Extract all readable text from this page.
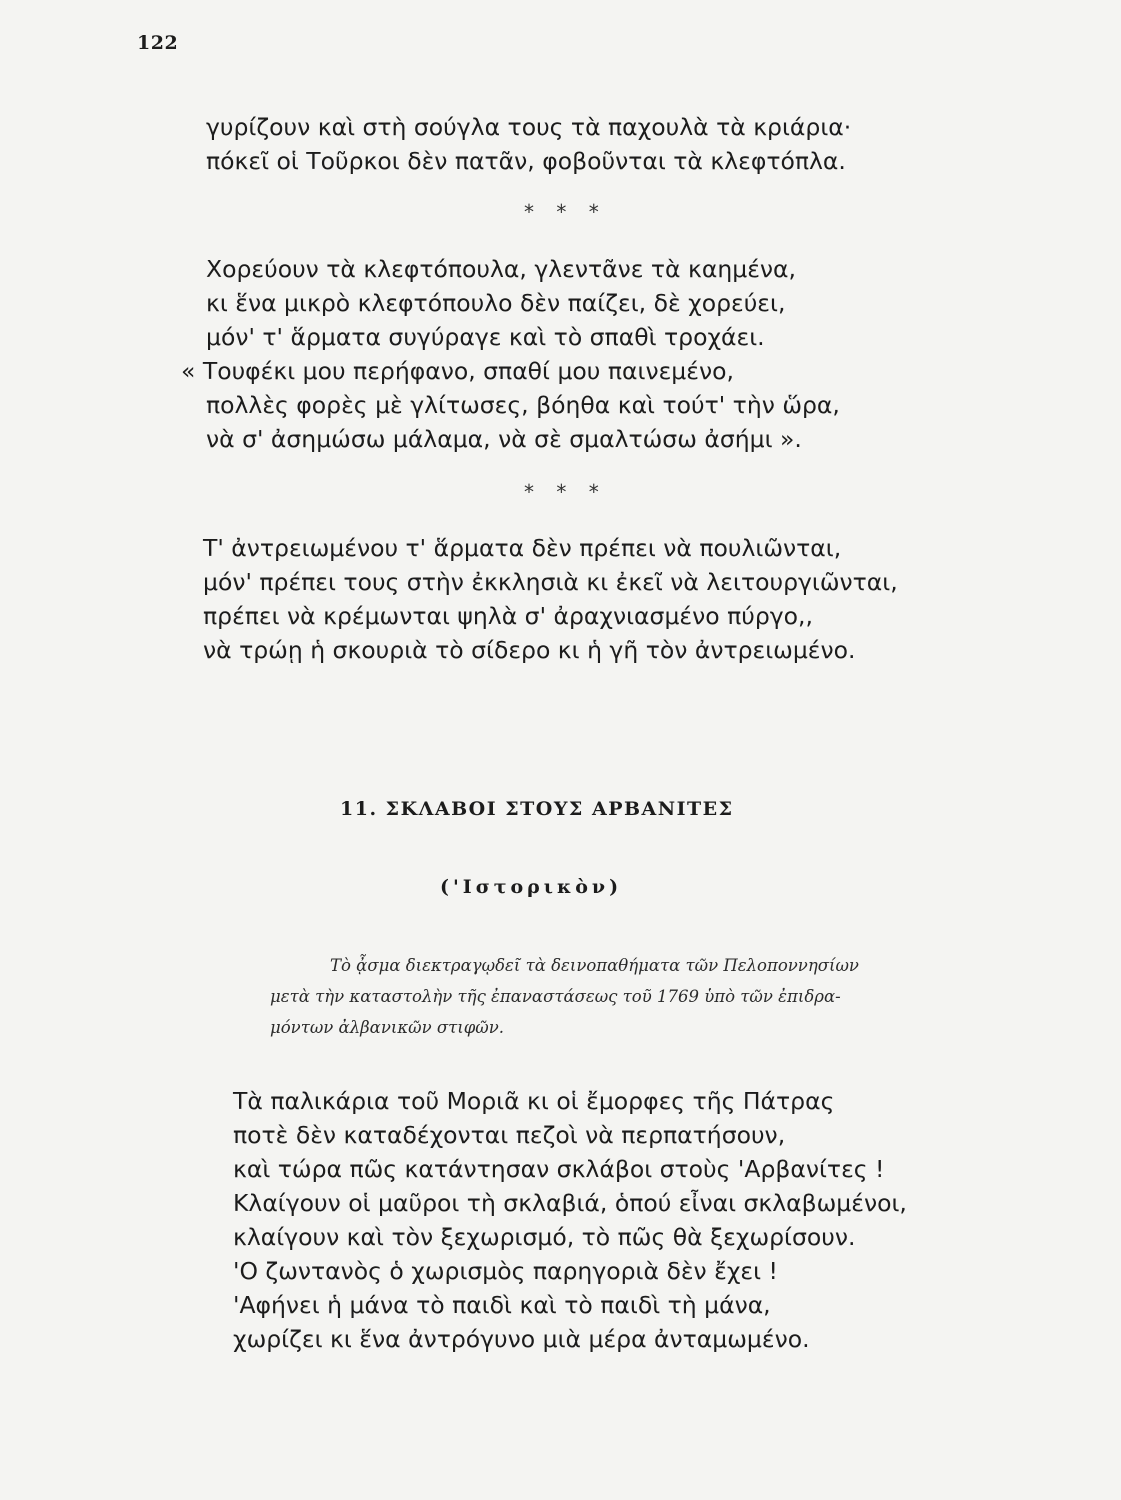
122
γυρίζουν καὶ στὴ σούγλα τους τὰ παχουλὰ τὰ κριάρια·
πόκεῖ οἱ Τοῦρκοι δὲν πατᾶν, φοβοῦνται τὰ κλεφτόπλα.
* * *
Χορεύουν τὰ κλεφτόπουλα, γλεντᾶνε τὰ καημένα,
κι ἕνα μικρὸ κλεφτόπουλο δὲν παίζει, δὲ χορεύει,
μόν' τ' ἅρματα συγύραγε καὶ τὸ σπαθὶ τροχάει.
« Τουφέκι μου περήφανο, σπαθί μου παινεμένο,
πολλὲς φορὲς μὲ γλίτωσες, βόηθα καὶ τούτ' τὴν ὥρα,
νὰ σ' ἀσημώσω μάλαμα, νὰ σὲ σμαλτώσω ἀσήμι ».
* * *
Τ' ἀντρειωμένου τ' ἅρματα δὲν πρέπει νὰ πουλιῶνται,
μόν' πρέπει τους στὴν ἐκκλησιὰ κι ἐκεῖ νὰ λειτουργιῶνται,
πρέπει νὰ κρέμωνται ψηλὰ σ' ἀραχνιασμένο πύργο,,
νὰ τρώῃ ἡ σκουριὰ τὸ σίδερο κι ἡ γῆ τὸν ἀντρειωμένο.
11. ΣΚΛΑΒΟΙ ΣΤΟΥΣ ΑΡΒΑΝΙΤΕΣ
('Ιστορικὸν)
Τὸ ᾆσμα διεκτραγῳδεῖ τὰ δεινοπαθήματα τῶν Πελοποννησίων
μετὰ τὴν καταστολὴν τῆς ἐπαναστάσεως τοῦ 1769 ὑπὸ τῶν ἐπιδρα-
μόντων ἀλβανικῶν στιφῶν.
Τὰ παλικάρια τοῦ Μοριᾶ κι οἱ ἔμορφες τῆς Πάτρας
ποτὲ δὲν καταδέχονται πεζοὶ νὰ περπατήσουν,
καὶ τώρα πῶς κατάντησαν σκλάβοι στοὺς 'Αρβανίτες !
Κλαίγουν οἱ μαῦροι τὴ σκλαβιά, ὁπού εἶναι σκλαβωμένοι,
κλαίγουν καὶ τὸν ξεχωρισμό, τὸ πῶς θὰ ξεχωρίσουν.
'Ο ζωντανὸς ὁ χωρισμὸς παρηγοριὰ δὲν ἔχει !
'Αφήνει ἡ μάνα τὸ παιδὶ καὶ τὸ παιδὶ τὴ μάνα,
χωρίζει κι ἕνα ἀντρόγυνο μιὰ μέρα ἀνταμωμένο.
